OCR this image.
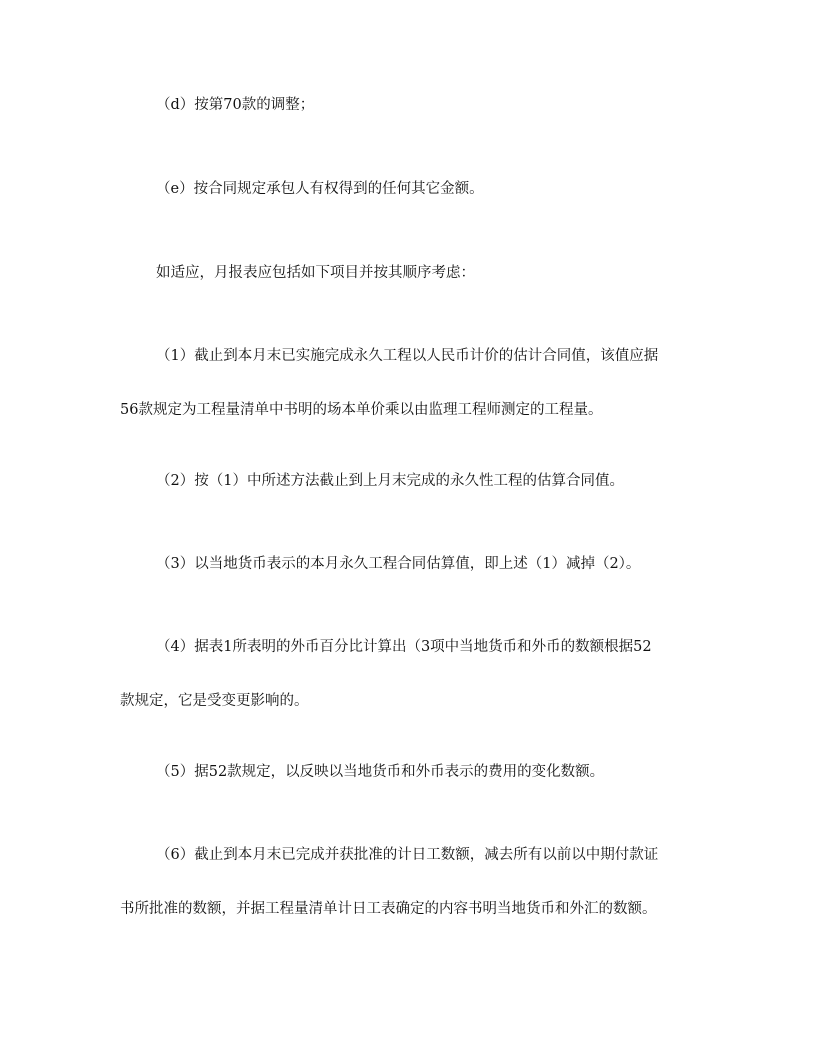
（d）按第70款的调整；
（e）按合同规定承包人有权得到的任何其它金额。
如适应，月报表应包括如下项目并按其顺序考虑：
（1）截止到本月末已实施完成永久工程以人民币计价的估计合同值，该值应据
56款规定为工程量清单中书明的场本单价乘以由监理工程师测定的工程量。
（2）按（1）中所述方法截止到上月末完成的永久性工程的估算合同值。
（3）以当地货币表示的本月永久工程合同估算值，即上述（1）减掉（2）。
（4）据表1所表明的外币百分比计算出（3项中当地货币和外币的数额根据52
款规定，它是受变更影响的。
（5）据52款规定，以反映以当地货币和外币表示的费用的变化数额。
（6）截止到本月末已完成并获批准的计日工数额，减去所有以前以中期付款证
书所批准的数额，并据工程量清单计日工表确定的内容书明当地货币和外汇的数额。
